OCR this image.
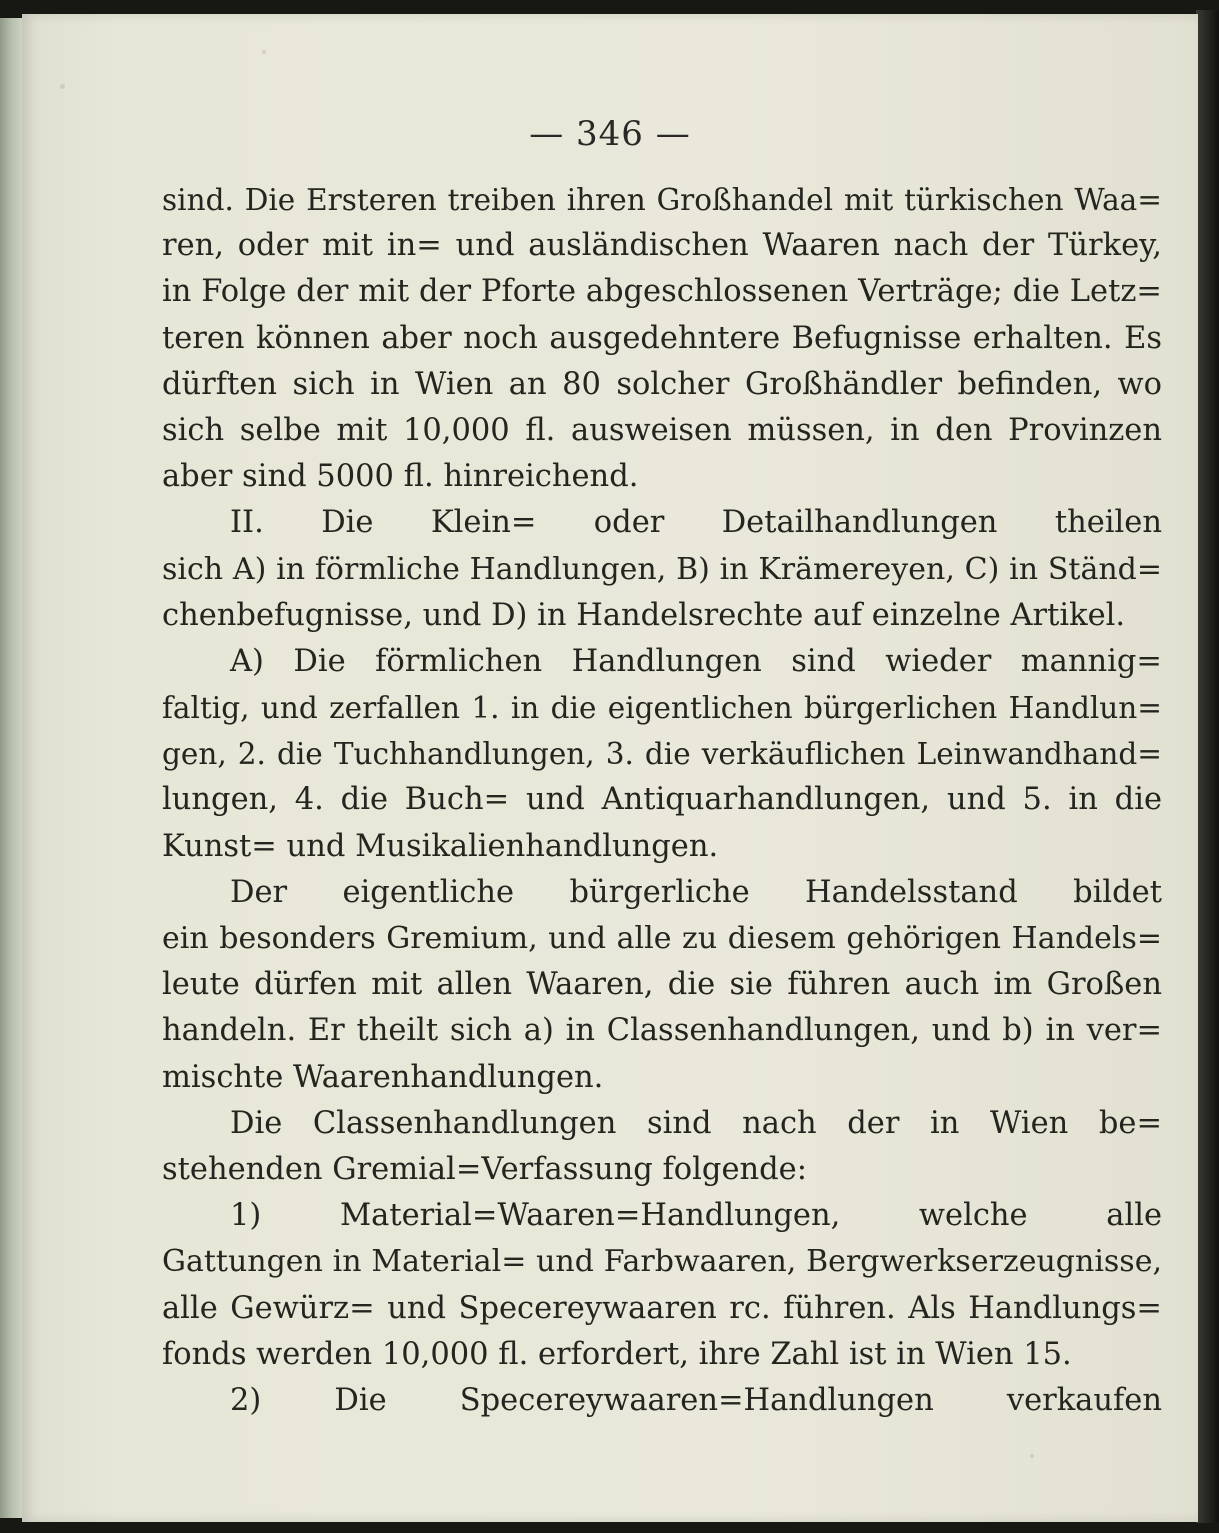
— 346 —
sind. Die Ersteren treiben ihren Großhandel mit türkischen Waa=
ren, oder mit in= und ausländischen Waaren nach der Türkey,
in Folge der mit der Pforte abgeschlossenen Verträge; die Letz=
teren können aber noch ausgedehntere Befugnisse erhalten. Es
dürften sich in Wien an 80 solcher Großhändler befinden, wo
sich selbe mit 10,000 fl. ausweisen müssen, in den Provinzen
aber sind 5000 fl. hinreichend.
II. Die Klein= oder Detailhandlungen theilen
sich A) in förmliche Handlungen, B) in Krämereyen, C) in Ständ=
chenbefugnisse, und D) in Handelsrechte auf einzelne Artikel.
A) Die förmlichen Handlungen sind wieder mannig=
faltig, und zerfallen 1. in die eigentlichen bürgerlichen Handlun=
gen, 2. die Tuchhandlungen, 3. die verkäuflichen Leinwandhand=
lungen, 4. die Buch= und Antiquarhandlungen, und 5. in die
Kunst= und Musikalienhandlungen.
Der eigentliche bürgerliche Handelsstand bildet
ein besonders Gremium, und alle zu diesem gehörigen Handels=
leute dürfen mit allen Waaren, die sie führen auch im Großen
handeln. Er theilt sich a) in Classenhandlungen, und b) in ver=
mischte Waarenhandlungen.
Die Classenhandlungen sind nach der in Wien be=
stehenden Gremial=Verfassung folgende:
1) Material=Waaren=Handlungen, welche alle
Gattungen in Material= und Farbwaaren, Bergwerkserzeugnisse,
alle Gewürz= und Specereywaaren rc. führen. Als Handlungs=
fonds werden 10,000 fl. erfordert, ihre Zahl ist in Wien 15.
2) Die Specereywaaren=Handlungen verkaufen
